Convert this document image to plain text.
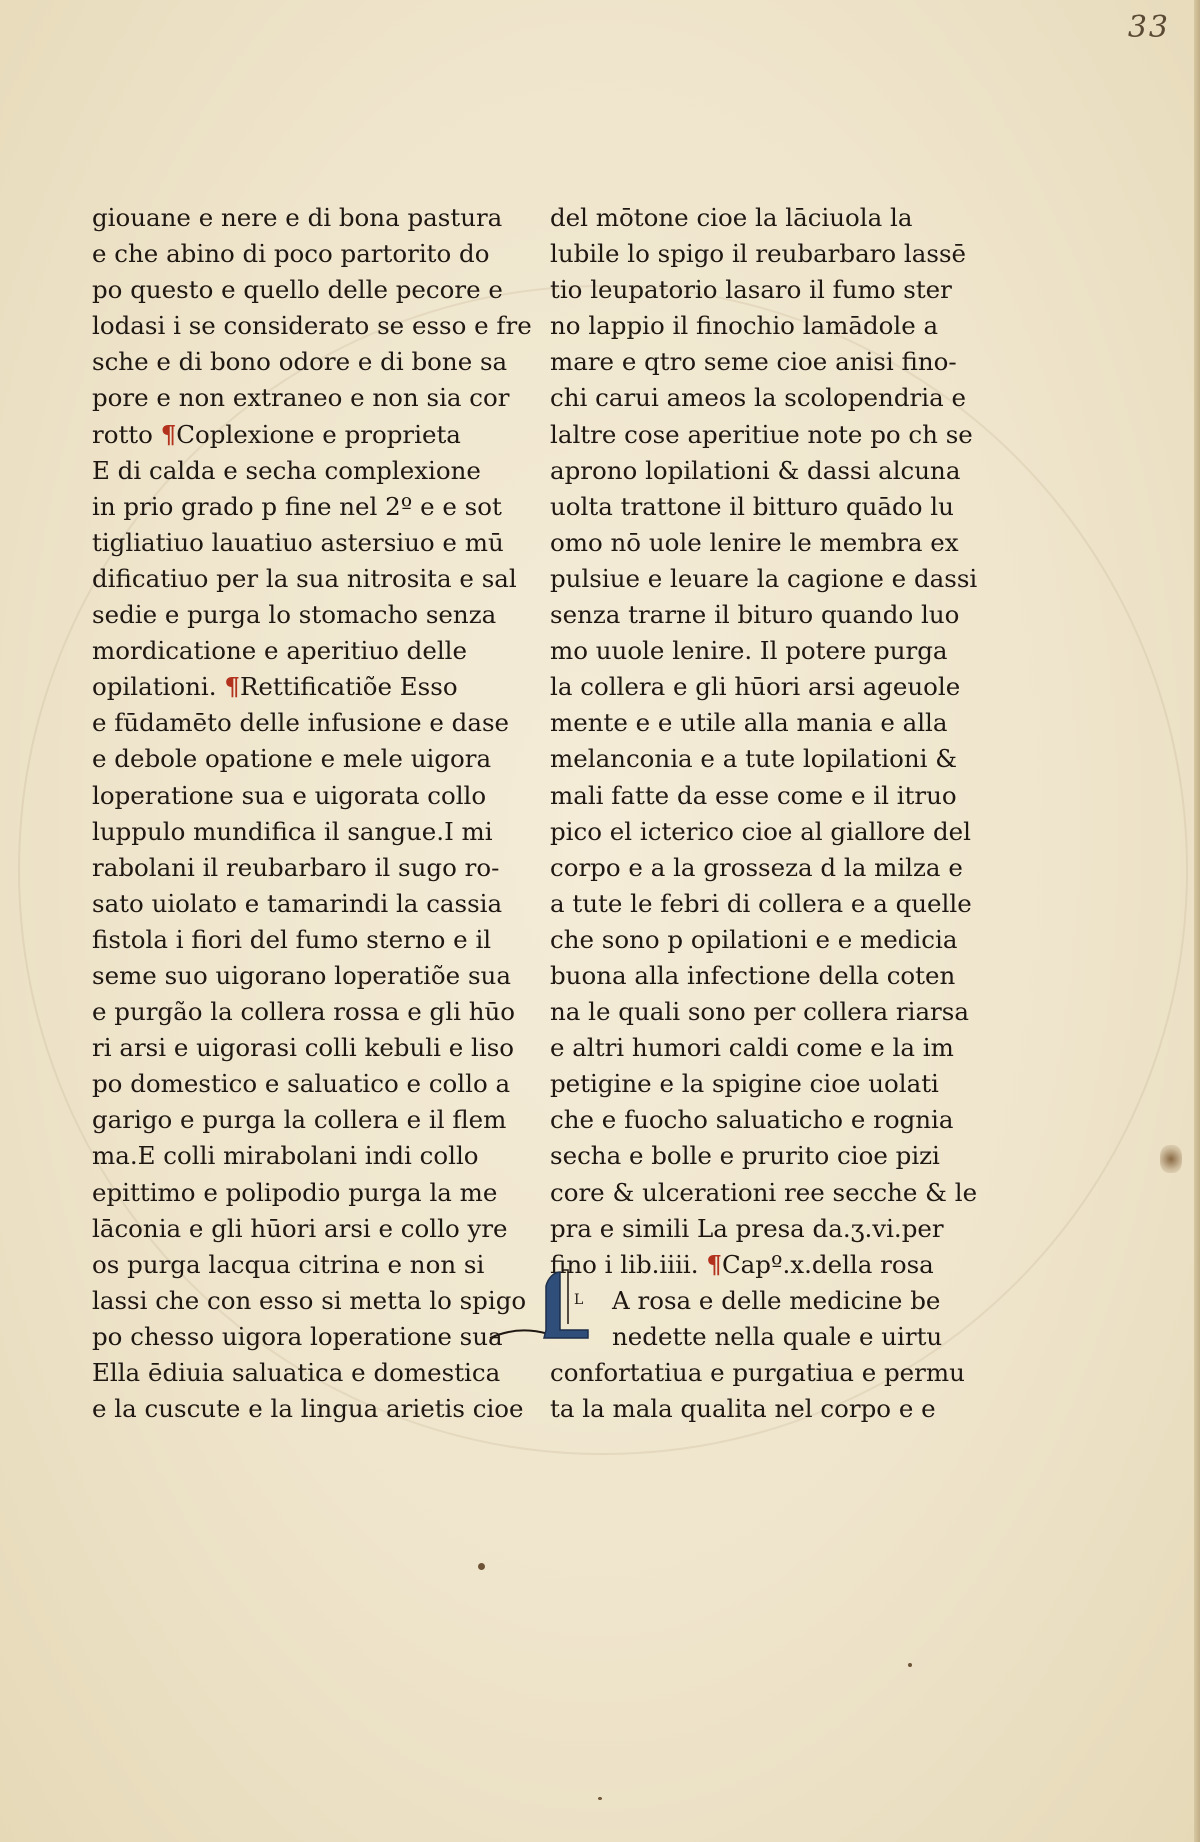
33
giouane e nere e di bona pastura
e che abino di poco partorito do
po questo e quello delle pecore e
lodasi i se considerato se esso e fre
sche e di bono odore e di bone sa
pore e non extraneo e non sia cor
rotto ¶Coplexione e proprieta
E di calda e secha complexione
in prio grado p fine nel 2º e e sot
tigliatiuo lauatiuo astersiuo e mū
dificatiuo per la sua nitrosita e sal
sedie e purga lo stomacho senza
mordicatione e aperitiuo delle
opilationi. ¶Rettificatiõe Esso
e fūdamēto delle infusione e dase
e debole opatione e mele uigora
loperatione sua e uigorata collo
luppulo mundifica il sangue.I mi
rabolani il reubarbaro il sugo ro-
sato uiolato e tamarindi la cassia
fistola i fiori del fumo sterno e il
seme suo uigorano loperatiõe sua
e purgão la collera rossa e gli hūo
ri arsi e uigorasi colli kebuli e liso
po domestico e saluatico e collo a
garigo e purga la collera e il flem
ma.E colli mirabolani indi collo
epittimo e polipodio purga la me
lāconia e gli hūori arsi e collo yre
os purga lacqua citrina e non si
lassi che con esso si metta lo spigo
po chesso uigora loperatione sua
Ella ēdiuia saluatica e domestica
e la cuscute e la lingua arietis cioe
del mōtone cioe la lāciuola la
lubile lo spigo il reubarbaro lassē
tio leupatorio lasaro il fumo ster
no lappio il finochio lamādole a
mare e qtro seme cioe anisi fino-
chi carui ameos la scolopendria e
laltre cose aperitiue note po ch se
aprono lopilationi & dassi alcuna
uolta trattone il bitturo quādo lu
omo nō uole lenire le membra ex
pulsiue e leuare la cagione e dassi
senza trarne il bituro quando luo
mo uuole lenire. Il potere purga
la collera e gli hūori arsi ageuole
mente e e utile alla mania e alla
melanconia e a tute lopilationi &
mali fatte da esse come e il itruo
pico el icterico cioe al giallore del
corpo e a la grosseza d la milza e
a tute le febri di collera e a quelle
che sono p opilationi e e medicia
buona alla infectione della coten
na le quali sono per collera riarsa
e altri humori caldi come e la im
petigine e la spigine cioe uolati
che e fuocho saluaticho e rognia
secha e bolle e prurito cioe pizi
core & ulcerationi ree secche & le
pra e simili La presa da.ʒ.vi.per
fino i lib.iiii. ¶Capº.x.della rosa
A rosa e delle medicine be
nedette nella quale e uirtu
confortatiua e purgatiua e permu
ta la mala qualita nel corpo e e
L
